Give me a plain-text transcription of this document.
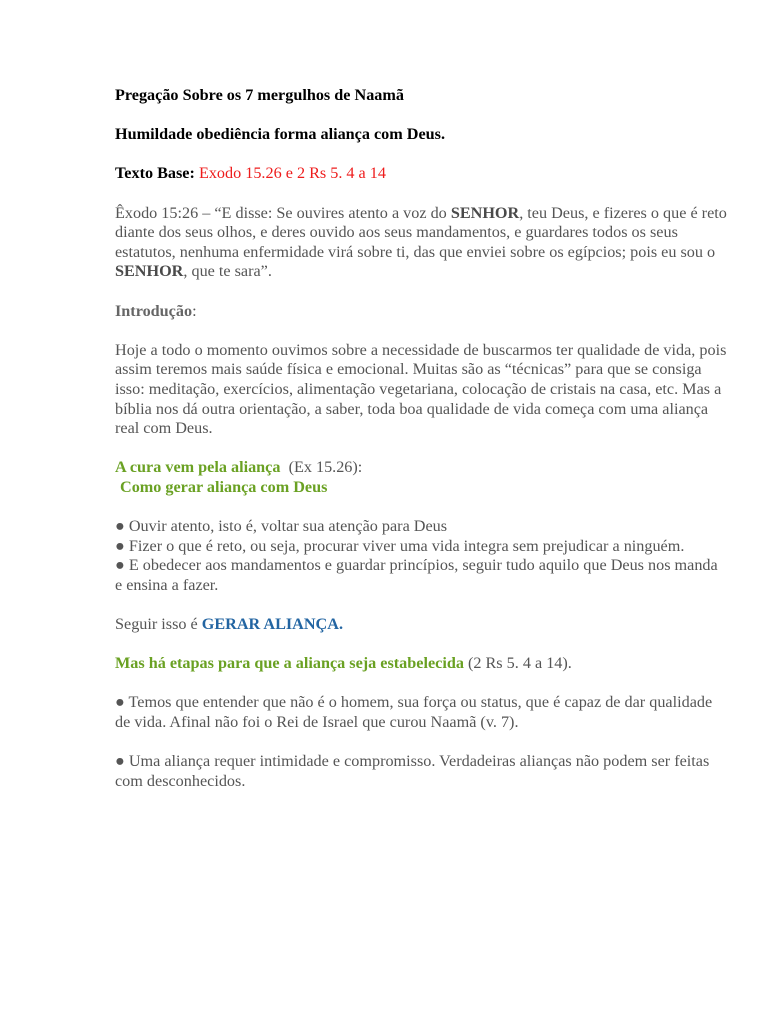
Pregação Sobre os 7 mergulhos de Naamã

Humildade obediência forma aliança com Deus.

Texto Base: Exodo 15.26 e 2 Rs 5. 4 a 14

Êxodo 15:26 – “E disse: Se ouvires atento a voz do SENHOR, teu Deus, e fizeres o que é reto diante dos seus olhos, e deres ouvido aos seus mandamentos, e guardares todos os seus estatutos, nenhuma enfermidade virá sobre ti, das que enviei sobre os egípcios; pois eu sou o SENHOR, que te sara”.

Introdução:

Hoje a todo o momento ouvimos sobre a necessidade de buscarmos ter qualidade de vida, pois assim teremos mais saúde física e emocional. Muitas são as “técnicas” para que se consiga isso: meditação, exercícios, alimentação vegetariana, colocação de cristais na casa, etc. Mas a bíblia nos dá outra orientação, a saber, toda boa qualidade de vida começa com uma aliança real com Deus.

A cura vem pela aliança  (Ex 15.26):

Como gerar aliança com Deus

● Ouvir atento, isto é, voltar sua atenção para Deus

● Fizer o que é reto, ou seja, procurar viver uma vida integra sem prejudicar a ninguém.

● E obedecer aos mandamentos e guardar princípios, seguir tudo aquilo que Deus nos manda e ensina a fazer.

Seguir isso é GERAR ALIANÇA.

Mas há etapas para que a aliança seja estabelecida (2 Rs 5. 4 a 14).

● Temos que entender que não é o homem, sua força ou status, que é capaz de dar qualidade de vida. Afinal não foi o Rei de Israel que curou Naamã (v. 7).

● Uma aliança requer intimidade e compromisso. Verdadeiras alianças não podem ser feitas com desconhecidos.
